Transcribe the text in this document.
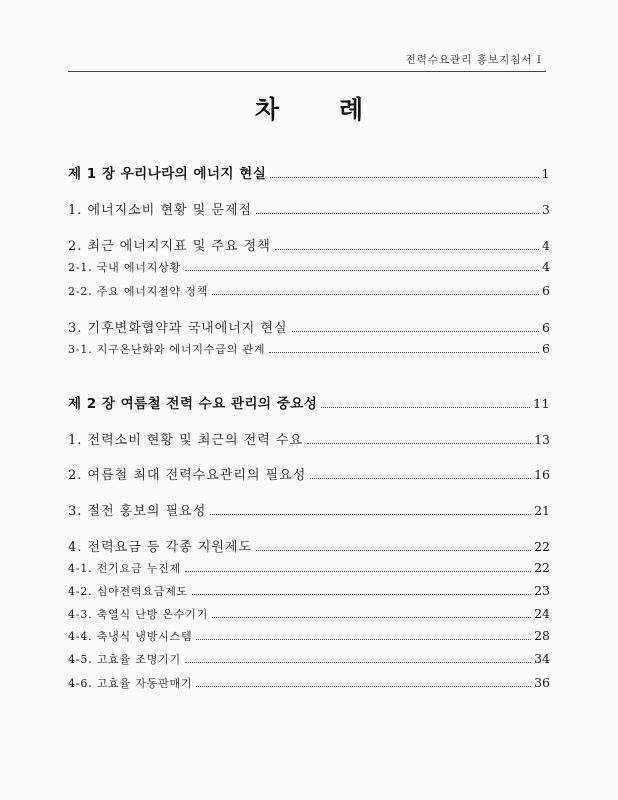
전력수요관리 홍보지침서 I
차 례
제 1 장 우리나라의 에너지 현실	1
1. 에너지소비 현황 및 문제점	3
2. 최근 에너지지표 및 주요 정책	4
2-1. 국내 에너지상황	4
2-2. 주요 에너지절약 정책	6
3. 기후변화협약과 국내에너지 현실	6
3-1. 지구온난화와 에너지수급의 관계	6
제 2 장 여름철 전력 수요 관리의 중요성	11
1. 전력소비 현황 및 최근의 전력 수요	13
2. 여름철 최대 전력수요관리의 필요성	16
3. 절전 홍보의 필요성	21
4. 전력요금 등 각종 지원제도	22
4-1. 전기요금 누진제	22
4-2. 심야전력요금제도	23
4-3. 축열식 난방 온수기기	24
4-4. 축냉식 냉방시스템	28
4-5. 고효율 조명기기	34
4-6. 고효율 자동판매기	36
